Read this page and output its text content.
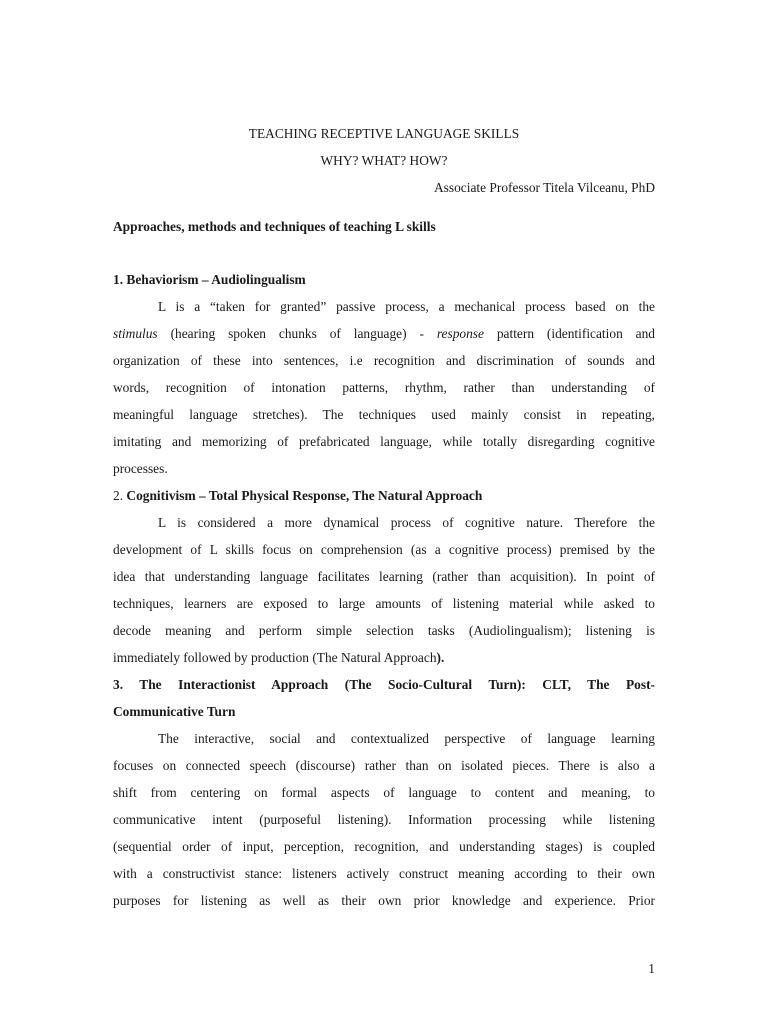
TEACHING RECEPTIVE LANGUAGE SKILLS
WHY? WHAT? HOW?
Associate Professor Titela Vilceanu, PhD
Approaches, methods and techniques of teaching L skills
1. Behaviorism – Audiolingualism
L is a “taken for granted” passive process, a mechanical process based on the
stimulus (hearing spoken chunks of language) - response pattern (identification and
organization of these into sentences, i.e recognition and discrimination of sounds and
words, recognition of intonation patterns, rhythm, rather than understanding of
meaningful language stretches). The techniques used mainly consist in repeating,
imitating and memorizing of prefabricated language, while totally disregarding cognitive
processes.
2. Cognitivism – Total Physical Response, The Natural Approach
L is considered a more dynamical process of cognitive nature. Therefore the
development of L skills focus on comprehension (as a cognitive process) premised by the
idea that understanding language facilitates learning (rather than acquisition). In point of
techniques, learners are exposed to large amounts of listening material while asked to
decode meaning and perform simple selection tasks (Audiolingualism); listening is
immediately followed by production (The Natural Approach).
3. The Interactionist Approach (The Socio-Cultural Turn): CLT, The Post-
Communicative Turn
The interactive, social and contextualized perspective of language learning
focuses on connected speech (discourse) rather than on isolated pieces. There is also a
shift from centering on formal aspects of language to content and meaning, to
communicative intent (purposeful listening). Information processing while listening
(sequential order of input, perception, recognition, and understanding stages) is coupled
with a constructivist stance: listeners actively construct meaning according to their own
purposes for listening as well as their own prior knowledge and experience. Prior
1
